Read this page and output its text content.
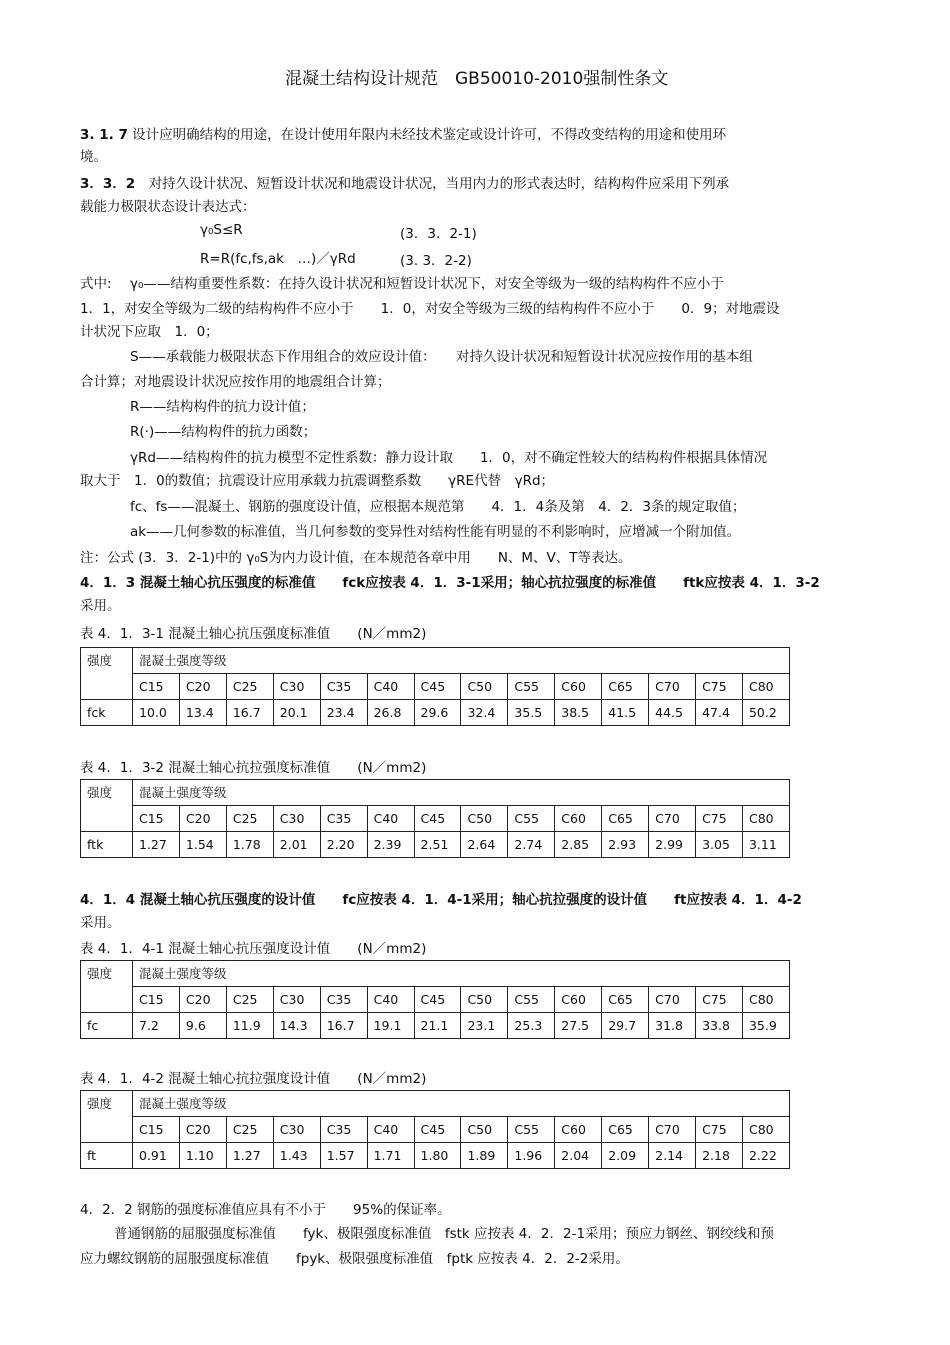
混凝土结构设计规范　GB50010-2010强制性条文
3. 1. 7 设计应明确结构的用途，在设计使用年限内未经技术鉴定或设计许可，不得改变结构的用途和使用环
境。
3．3．2　 对持久设计状况、短暂设计状况和地震设计状况，当用内力的形式表达时，结构构件应采用下列承
载能力极限状态设计表达式：
γ₀S≤R	(3．3．2-1)
R=R(fc,fs,ak　…)／γRd	(3. 3．2-2)
式中: γ₀——结构重要性系数：在持久设计状况和短暂设计状况下，对安全等级为一级的结构构件不应小于
1．1，对安全等级为二级的结构构件不应小于　　1．0，对安全等级为三级的结构构件不应小于　　0．9；对地震设
计状况下应取　1．0；
S——承载能力极限状态下作用组合的效应设计值：　　对持久设计状况和短暂设计状况应按作用的基本组
合计算；对地震设计状况应按作用的地震组合计算；
R——结构构件的抗力设计值；
R(·)——结构构件的抗力函数；
γRd——结构构件的抗力模型不定性系数：静力设计取　　1．0，对不确定性较大的结构构件根据具体情况
取大于　1．0的数值；抗震设计应用承载力抗震调整系数　　γRE代替　γRd；
fc、fs——混凝土、钢筋的强度设计值，应根据本规范第　　4．1．4条及第　4．2．3条的规定取值；
ak——几何参数的标准值，当几何参数的变异性对结构性能有明显的不利影响时，应增减一个附加值。
注：公式 (3．3．2-1)中的 γ₀S为内力设计值，在本规范各章中用　　N、M、V、T等表达。
4．1．3 混凝土轴心抗压强度的标准值　　fck应按表 4．1．3-1采用；轴心抗拉强度的标准值　　ftk应按表 4．1．3-2
采用。
表 4．1．3-1 混凝土轴心抗压强度标准值　　(N／mm2)
强度	混凝土强度等级													
	C15	C20	C25	C30	C35	C40	C45	C50	C55	C60	C65	C70	C75	C80
fck	10.0	13.4	16.7	20.1	23.4	26.8	29.6	32.4	35.5	38.5	41.5	44.5	47.4	50.2
表 4．1．3-2 混凝土轴心抗拉强度标准值　　(N／mm2)
强度	混凝土强度等级													
	C15	C20	C25	C30	C35	C40	C45	C50	C55	C60	C65	C70	C75	C80
ftk	1.27	1.54	1.78	2.01	2.20	2.39	2.51	2.64	2.74	2.85	2.93	2.99	3.05	3.11
4．1．4 混凝土轴心抗压强度的设计值　　fc应按表 4．1．4-1采用；轴心抗拉强度的设计值　　ft应按表 4．1．4-2
采用。
表 4．1．4-1 混凝土轴心抗压强度设计值　　(N／mm2)
强度	混凝土强度等级													
	C15	C20	C25	C30	C35	C40	C45	C50	C55	C60	C65	C70	C75	C80
fc	7.2	9.6	11.9	14.3	16.7	19.1	21.1	23.1	25.3	27.5	29.7	31.8	33.8	35.9
表 4．1．4-2 混凝土轴心抗拉强度设计值　　(N／mm2)
强度	混凝土强度等级													
	C15	C20	C25	C30	C35	C40	C45	C50	C55	C60	C65	C70	C75	C80
ft	0.91	1.10	1.27	1.43	1.57	1.71	1.80	1.89	1.96	2.04	2.09	2.14	2.18	2.22
4．2．2 钢筋的强度标准值应具有不小于　　95%的保证率。
普通钢筋的屈服强度标准值　　fyk、极限强度标准值　fstk 应按表 4．2．2-1采用；预应力钢丝、钢绞线和预
应力螺纹钢筋的屈服强度标准值　　fpyk、极限强度标准值　fptk 应按表 4．2．2-2采用。
